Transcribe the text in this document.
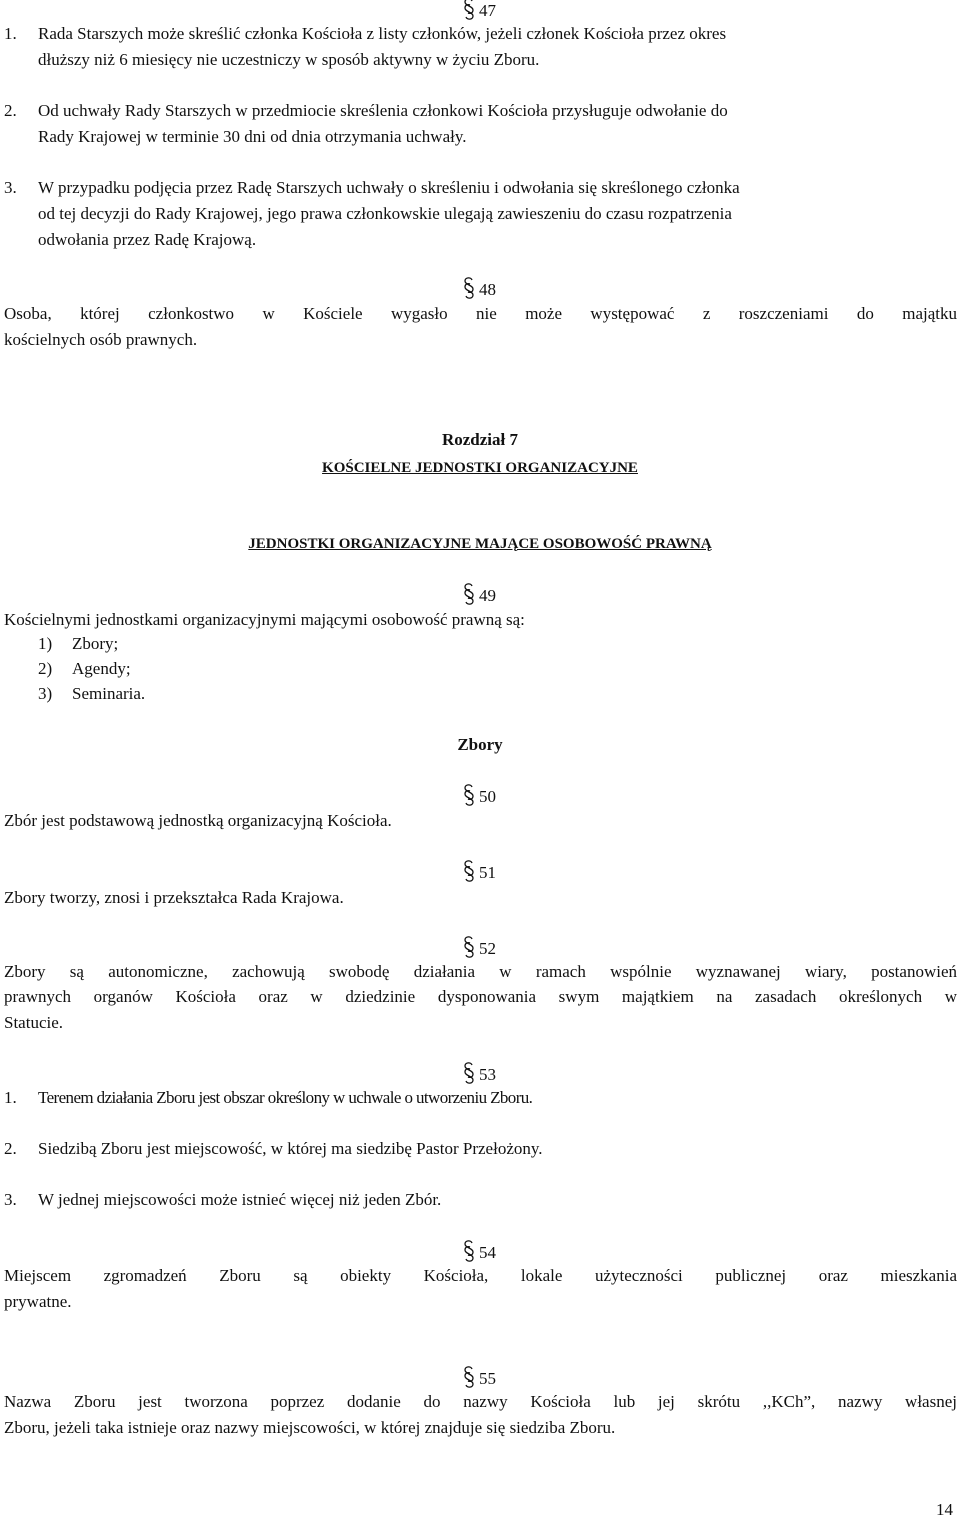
47
1. Rada Starszych może skreślić członka Kościoła z listy członków, jeżeli członek Kościoła przez okres
dłuższy niż 6 miesięcy nie uczestniczy w sposób aktywny w życiu Zboru.
2. Od uchwały Rady Starszych w przedmiocie skreślenia członkowi Kościoła przysługuje odwołanie do
Rady Krajowej w terminie 30 dni od dnia otrzymania uchwały.
3. W przypadku podjęcia przez Radę Starszych uchwały o skreśleniu i odwołania się skreślonego członka
od tej decyzji do Rady Krajowej, jego prawa członkowskie ulegają zawieszeniu do czasu rozpatrzenia
odwołania przez Radę Krajową.
48
Osoba, której członkostwo w Kościele wygasło nie może występować z roszczeniami do majątku
kościelnych osób prawnych.
Rozdział 7
KOŚCIELNE JEDNOSTKI ORGANIZACYJNE
JEDNOSTKI ORGANIZACYJNE MAJĄCE OSOBOWOŚĆ PRAWNĄ
49
Kościelnymi jednostkami organizacyjnymi mającymi osobowość prawną są:
1) Zbory;
2) Agendy;
3) Seminaria.
Zbory
50
Zbór jest podstawową jednostką organizacyjną Kościoła.
51
Zbory tworzy, znosi i przekształca Rada Krajowa.
52
Zbory są autonomiczne, zachowują swobodę działania w ramach wspólnie wyznawanej wiary, postanowień
prawnych organów Kościoła oraz w dziedzinie dysponowania swym majątkiem na zasadach określonych w
Statucie.
53
1. Terenem działania Zboru jest obszar określony w uchwale o utworzeniu Zboru.
2. Siedzibą Zboru jest miejscowość, w której ma siedzibę Pastor Przełożony.
3. W jednej miejscowości może istnieć więcej niż jeden Zbór.
54
Miejscem zgromadzeń Zboru są obiekty Kościoła, lokale użyteczności publicznej oraz mieszkania
prywatne.
55
Nazwa Zboru jest tworzona poprzez dodanie do nazwy Kościoła lub jej skrótu ,,KCh”, nazwy własnej
Zboru, jeżeli taka istnieje oraz nazwy miejscowości, w której znajduje się siedziba Zboru.
14
